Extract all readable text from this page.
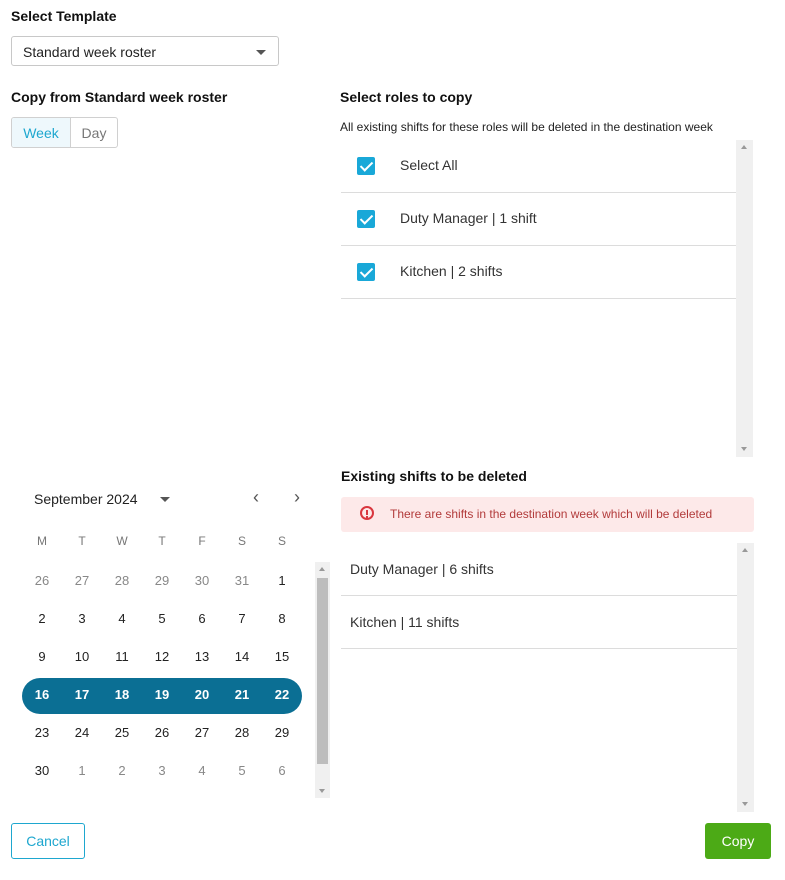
Select Template
Standard week roster
Copy from Standard week roster
Week	Day
Select roles to copy
All existing shifts for these roles will be deleted in the destination week
Select All
Duty Manager | 1 shift
Kitchen | 2 shifts
September 2024	‹ ›
M	T	W	T	F	S	S
26	27	28	29	30	31	1
2	3	4	5	6	7	8
9	10	11	12	13	14	15
16	17	18	19	20	21	22
23	24	25	26	27	28	29
30	1	2	3	4	5	6
Existing shifts to be deleted
There are shifts in the destination week which will be deleted
Duty Manager | 6 shifts
Kitchen | 11 shifts
Cancel	Copy
